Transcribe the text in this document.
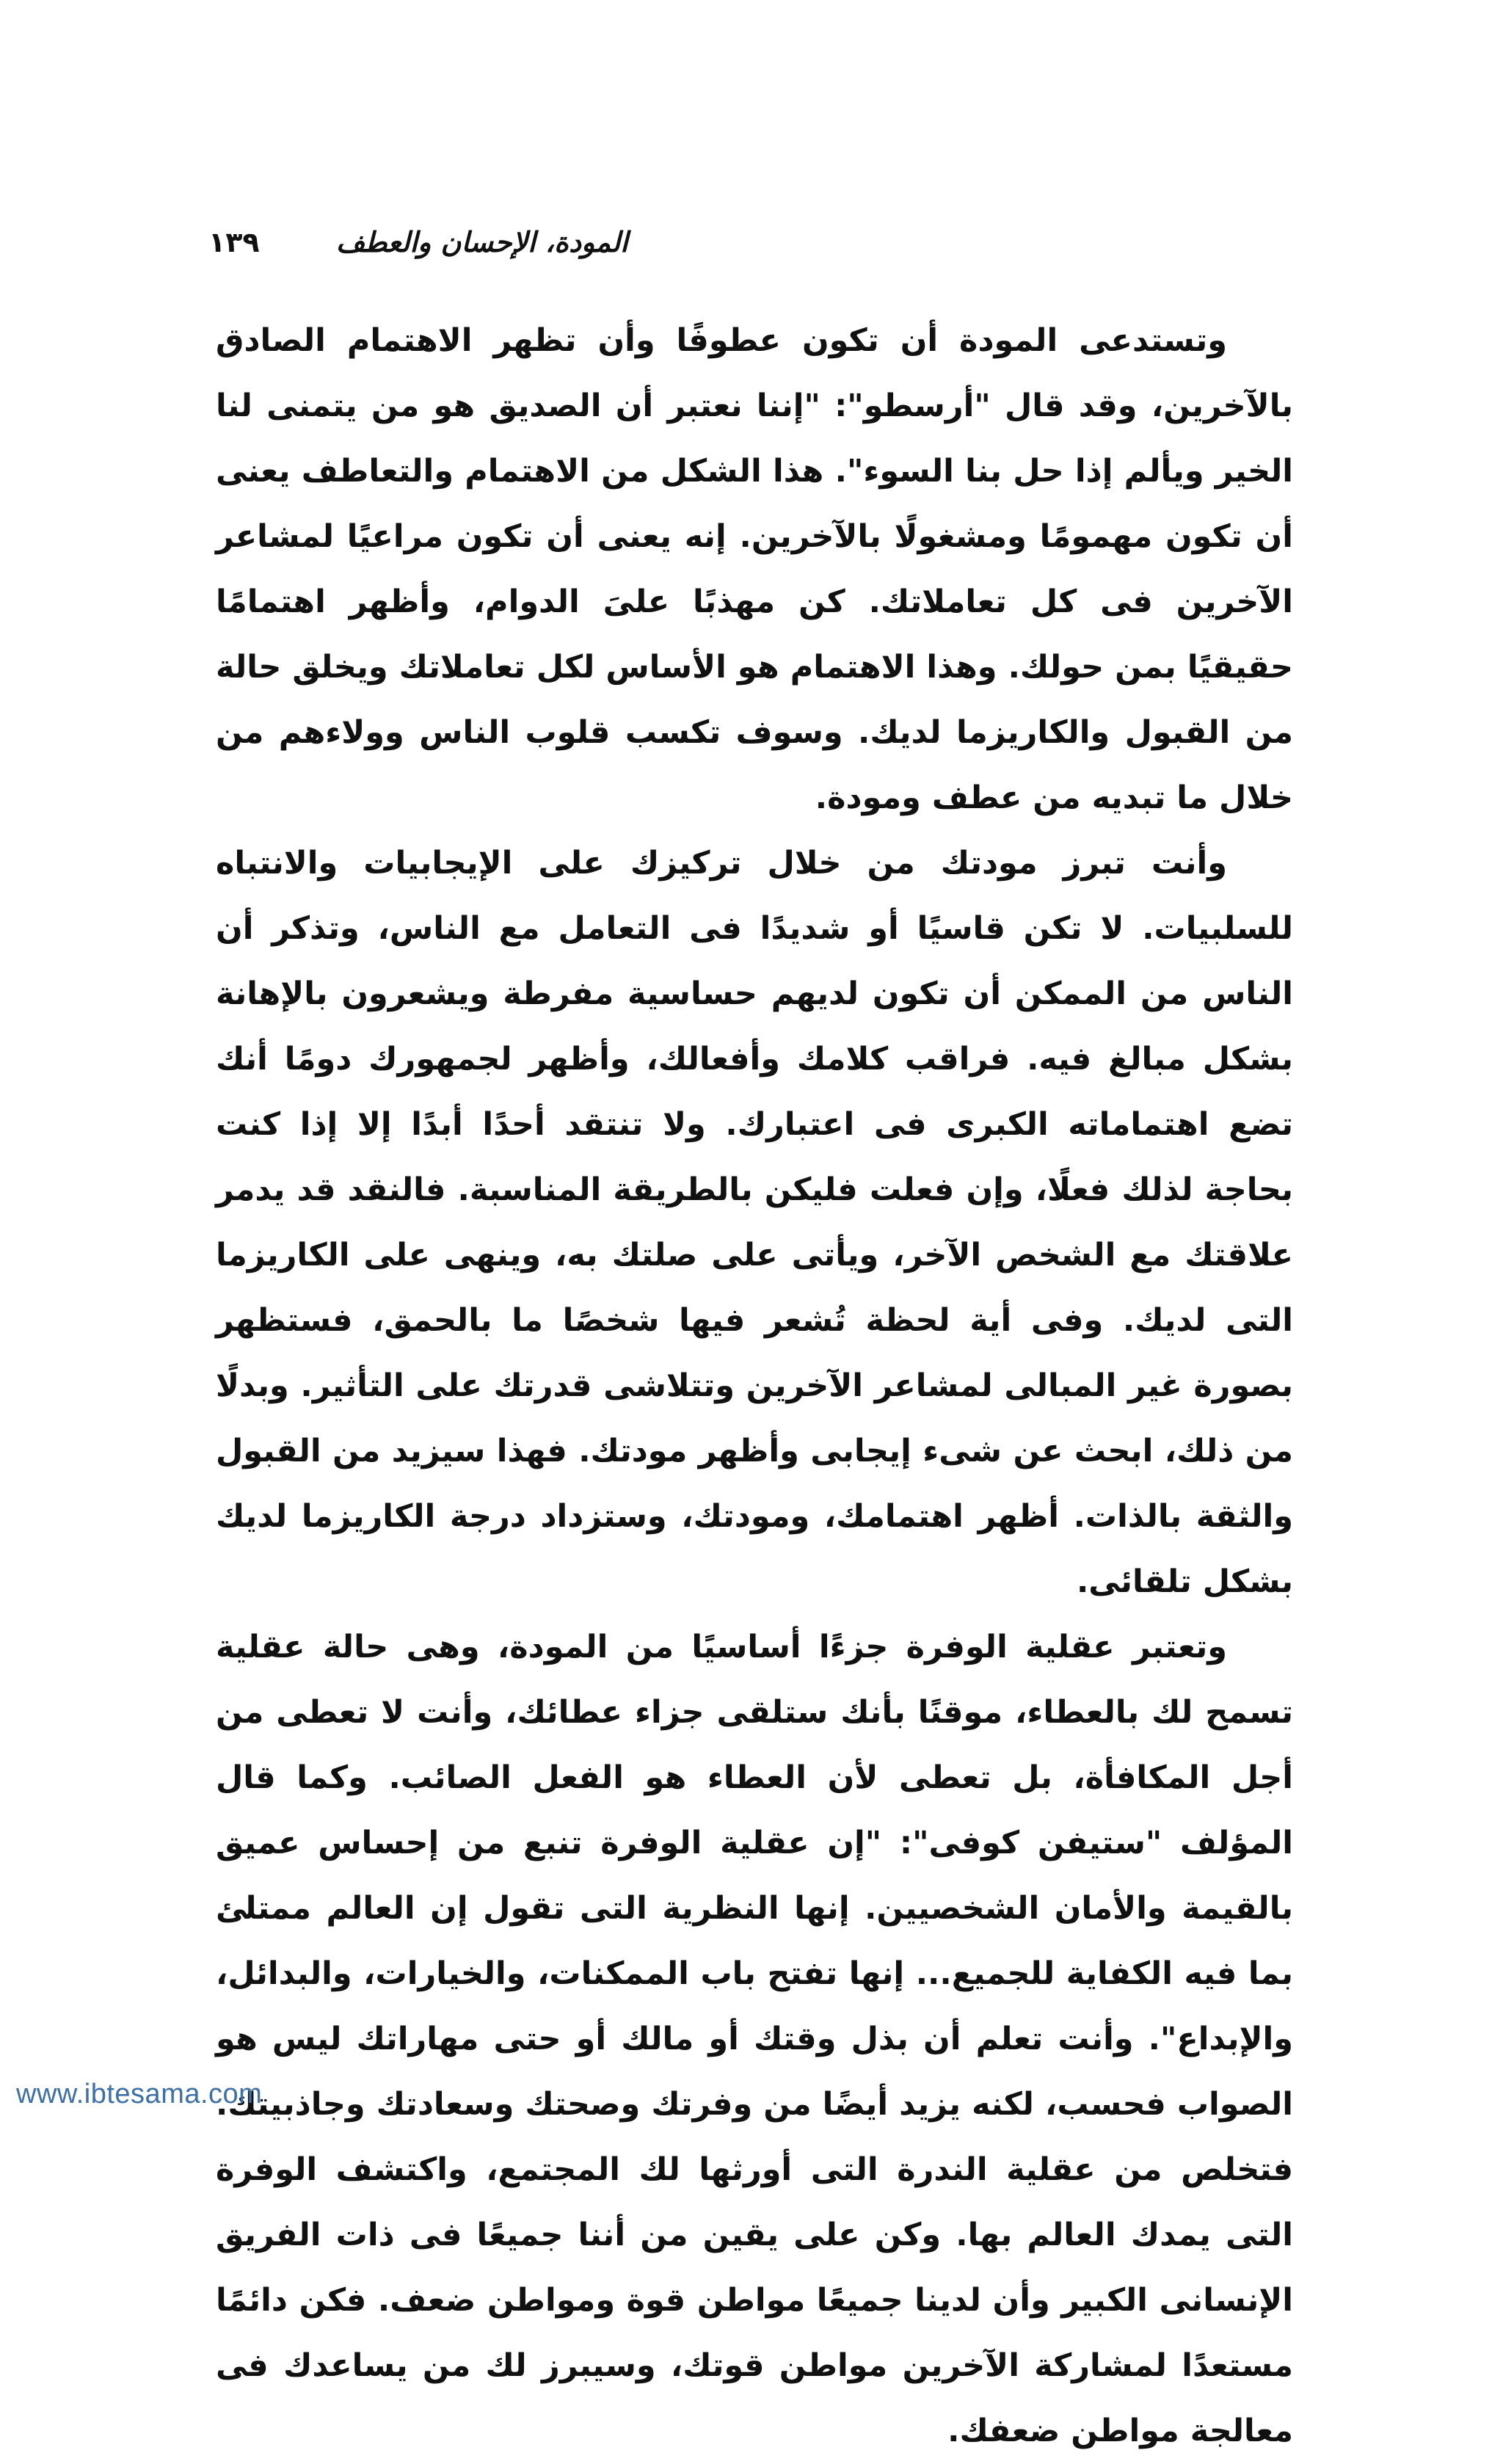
١٣٩	المودة، الإحسان والعطف

وتستدعى المودة أن تكون عطوفًا وأن تظهر الاهتمام الصادق بالآخرين، وقد قال "أرسطو": "إننا نعتبر أن الصديق هو من يتمنى لنا الخير ويألم إذا حل بنا السوء". هذا الشكل من الاهتمام والتعاطف يعنى أن تكون مهمومًا ومشغولًا بالآخرين. إنه يعنى أن تكون مراعيًا لمشاعر الآخرين فى كل تعاملاتك. كن مهذبًا علىَ الدوام، وأظهر اهتمامًا حقيقيًا بمن حولك. وهذا الاهتمام هو الأساس لكل تعاملاتك ويخلق حالة من القبول والكاريزما لديك. وسوف تكسب قلوب الناس وولاءهم من خلال ما تبديه من عطف ومودة.

وأنت تبرز مودتك من خلال تركيزك على الإيجابيات والانتباه للسلبيات. لا تكن قاسيًا أو شديدًا فى التعامل مع الناس، وتذكر أن الناس من الممكن أن تكون لديهم حساسية مفرطة ويشعرون بالإهانة بشكل مبالغ فيه. فراقب كلامك وأفعالك، وأظهر لجمهورك دومًا أنك تضع اهتماماته الكبرى فى اعتبارك. ولا تنتقد أحدًا أبدًا إلا إذا كنت بحاجة لذلك فعلًا، وإن فعلت فليكن بالطريقة المناسبة. فالنقد قد يدمر علاقتك مع الشخص الآخر، ويأتى على صلتك به، وينهى على الكاريزما التى لديك. وفى أية لحظة تُشعر فيها شخصًا ما بالحمق، فستظهر بصورة غير المبالى لمشاعر الآخرين وتتلاشى قدرتك على التأثير. وبدلًا من ذلك، ابحث عن شىء إيجابى وأظهر مودتك. فهذا سيزيد من القبول والثقة بالذات. أظهر اهتمامك، ومودتك، وستزداد درجة الكاريزما لديك بشكل تلقائى.

وتعتبر عقلية الوفرة جزءًا أساسيًا من المودة، وهى حالة عقلية تسمح لك بالعطاء، موقنًا بأنك ستلقى جزاء عطائك، وأنت لا تعطى من أجل المكافأة، بل تعطى لأن العطاء هو الفعل الصائب. وكما قال المؤلف "ستيفن كوفى": "إن عقلية الوفرة تنبع من إحساس عميق بالقيمة والأمان الشخصيين. إنها النظرية التى تقول إن العالم ممتلئ بما فيه الكفاية للجميع... إنها تفتح باب الممكنات، والخيارات، والبدائل، والإبداع". وأنت تعلم أن بذل وقتك أو مالك أو حتى مهاراتك ليس هو الصواب فحسب، لكنه يزيد أيضًا من وفرتك وصحتك وسعادتك وجاذبيتك. فتخلص من عقلية الندرة التى أورثها لك المجتمع، واكتشف الوفرة التى يمدك العالم بها. وكن على يقين من أننا جميعًا فى ذات الفريق الإنسانى الكبير وأن لدينا جميعًا مواطن قوة ومواطن ضعف. فكن دائمًا مستعدًا لمشاركة الآخرين مواطن قوتك، وسيبرز لك من يساعدك فى معالجة مواطن ضعفك.

www.ibtesama.com
